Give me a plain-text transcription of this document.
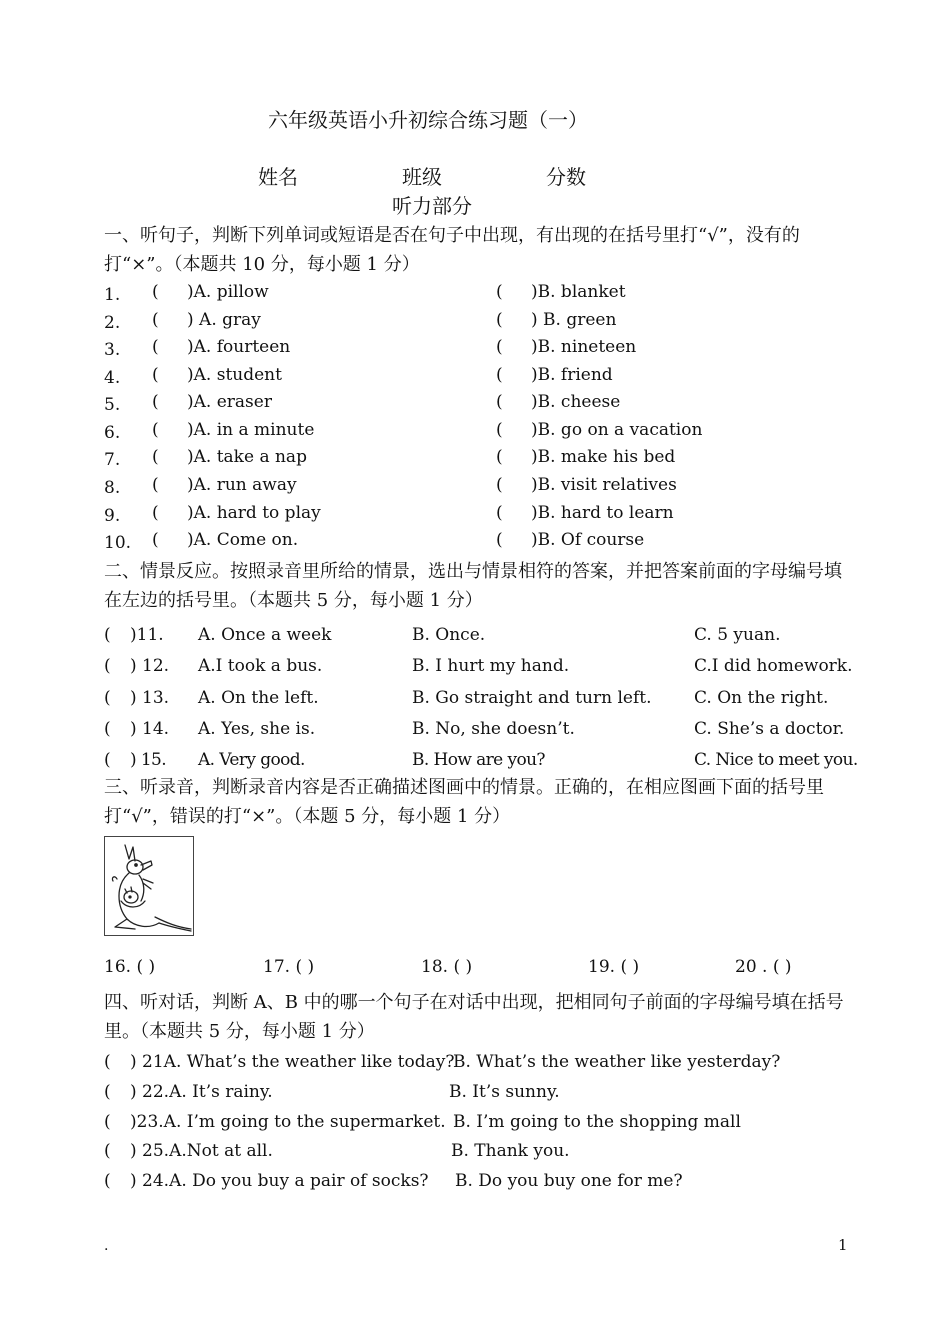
六年级英语小升初综合练习题（一）
姓名	班级	分数
听力部分
一、听句子，判断下列单词或短语是否在句子中出现，有出现的在括号里打“√”，没有的打“×”。（本题共 10 分，每小题 1 分）
1. ( )A. pillow	( )B. blanket
2. ( ) A. gray	( ) B. green
3. ( )A. fourteen	( )B. nineteen
4. ( )A. student	( )B. friend
5. ( )A. eraser	( )B. cheese
6. ( )A. in a minute	( )B. go on a vacation
7. ( )A. take a nap	( )B. make his bed
8. ( )A. run away	( )B. visit relatives
9. ( )A. hard to play	( )B. hard to learn
10. ( )A. Come on.	( )B. Of course
二、情景反应。按照录音里所给的情景，选出与情景相符的答案，并把答案前面的字母编号填在左边的括号里。（本题共 5 分，每小题 1 分）
( )11. A. Once a week	B. Once.	C. 5 yuan.
( ) 12. A.I took a bus.	B. I hurt my hand.	C.I did homework.
( ) 13. A. On the left.	B. Go straight and turn left.	C. On the right.
( ) 14. A. Yes, she is.	B. No, she doesn’t.	C. She’s a doctor.
( ) 15. A. Very good.	B. How are you?	C. Nice to meet you.
三、听录音，判断录音内容是否正确描述图画中的情景。正确的，在相应图画下面的括号里打“√”，错误的打“×”。（本题 5 分，每小题 1 分）
16. ( )	17. ( )	18. ( )	19. ( )	20 . ( )
四、听对话，判断 A、B 中的哪一个句子在对话中出现，把相同句子前面的字母编号填在括号里。（本题共 5 分，每小题 1 分）
( ) 21A. What’s the weather like today?
B. What’s the weather like yesterday?
( ) 22.A. It’s rainy.	B. It’s sunny.
( )23.A. I’m going to the supermarket. B. I’m going to the shopping mall
( ) 25.A.Not at all.	B. Thank you.
( ) 24.A. Do you buy a pair of socks? B. Do you buy one for me?
.	1
